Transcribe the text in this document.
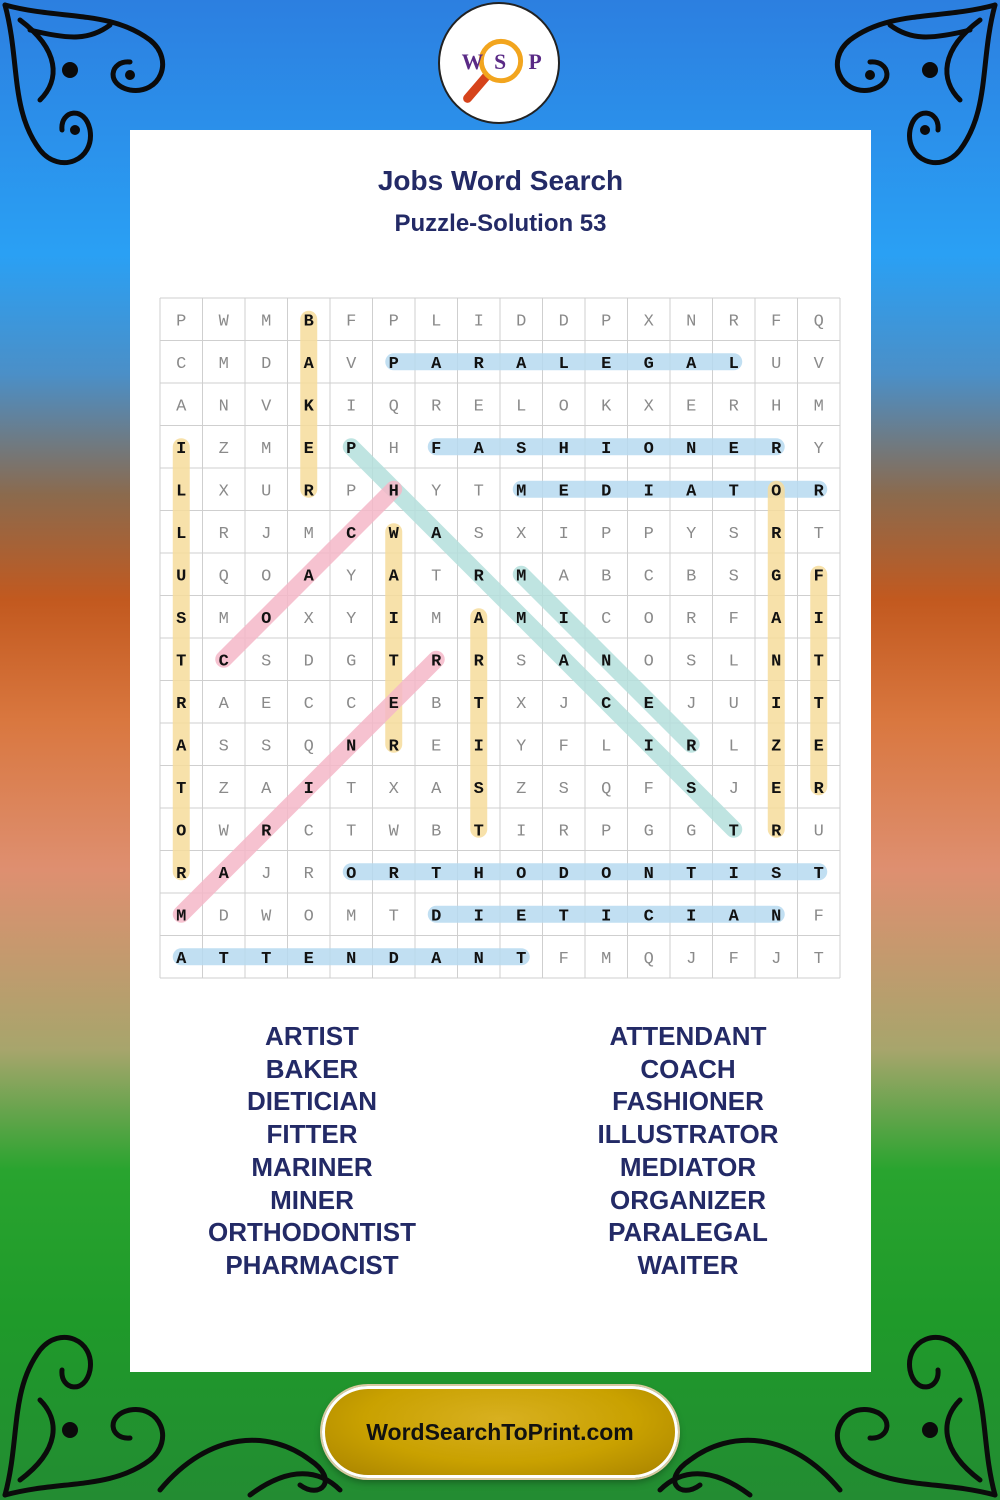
W S P
Jobs Word Search
Puzzle-Solution 53
P W M B F P L I D D P X N R F Q
C M D A V P A R A L E G A L U V
A N V K I Q R E L O K X E R H M
I Z M E P H F A S H I O N E R Y
L X U R P H Y T M E D I A T O R
L R J M C W A S X I P P Y S R T
U Q O A Y A T R M A B C B S G F
S M O X Y I M A M I C O R F A I
T C S D G T R R S A N O S L N T
R A E C C E B T X J C E J U I T
A S S Q N R E I Y F L I R L Z E
T Z A I T X A S Z S Q F S J E R
O W R C T W B T I R P G G T R U
R A J R O R T H O D O N T I S T
M D W O M T D I E T I C I A N F
A T T E N D A N T F M Q J F J T
ARTIST
BAKER
DIETICIAN
FITTER
MARINER
MINER
ORTHODONTIST
PHARMACIST
ATTENDANT
COACH
FASHIONER
ILLUSTRATOR
MEDIATOR
ORGANIZER
PARALEGAL
WAITER
WordSearchToPrint.com
